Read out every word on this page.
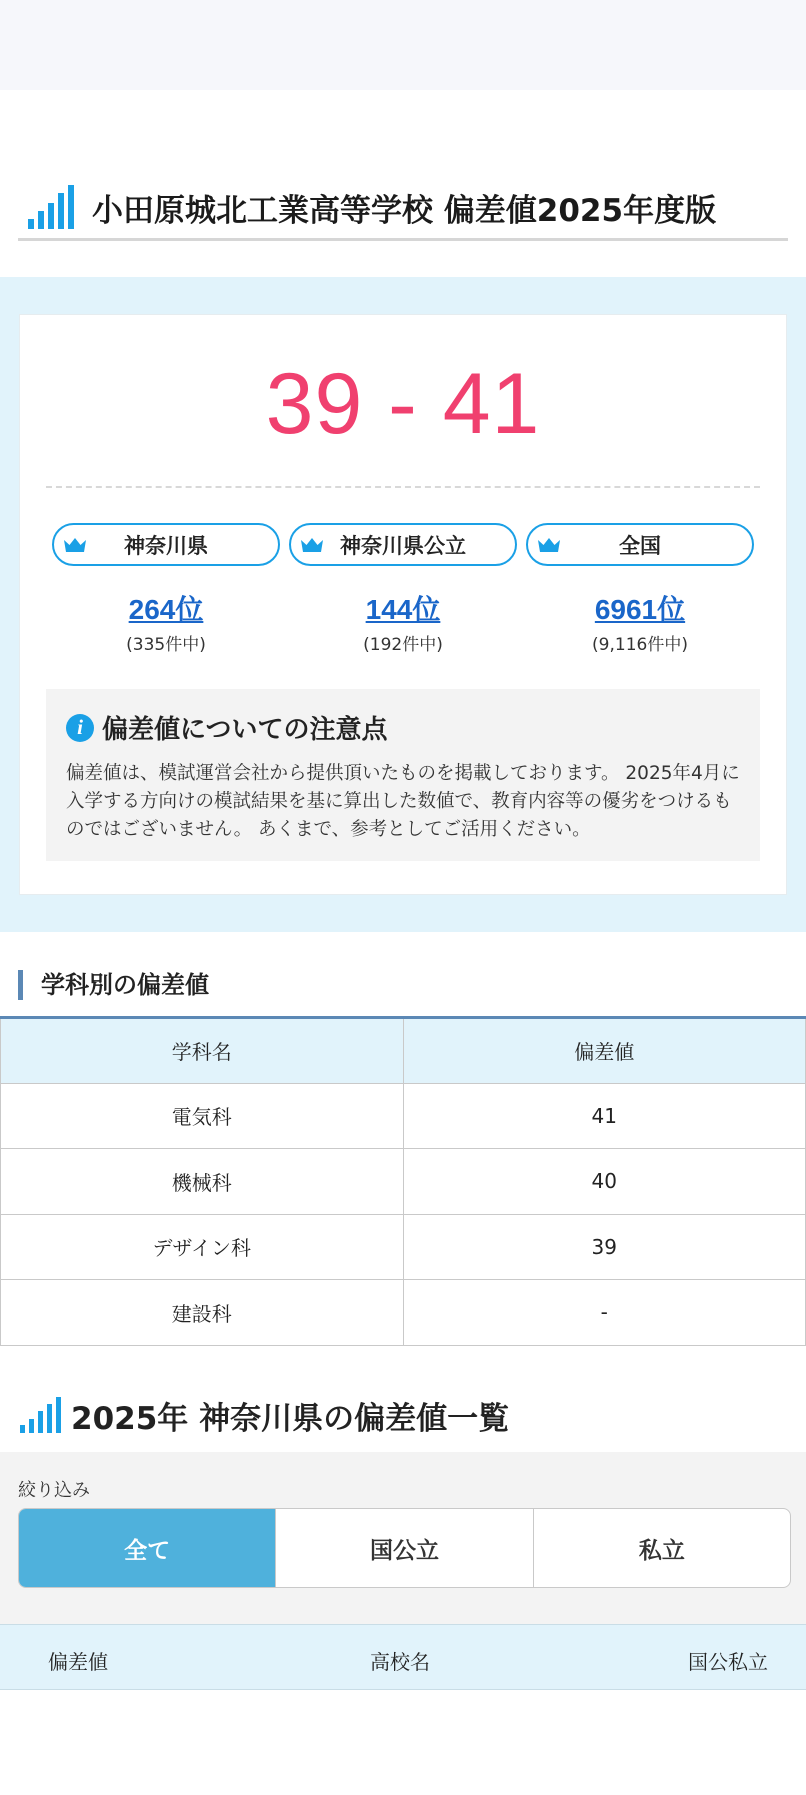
小田原城北工業高等学校 偏差値2025年度版
39 - 41
神奈川県
264位
(335件中)
神奈川県公立
144位
(192件中)
全国
6961位
(9,116件中)
i 偏差値についての注意点

偏差値は、模試運営会社から提供頂いたものを掲載しております。 2025年4月に入学する方向けの模試結果を基に算出した数値で、教育内容等の優劣をつけるものではございません。 あくまで、参考としてご活用ください。

学科別の偏差値
学科名	偏差値
電気科	41
機械科	40
デザイン科	39
建設科	-
2025年 神奈川県の偏差値一覧
絞り込み
全て	国公立	私立
偏差値	高校名	国公私立
